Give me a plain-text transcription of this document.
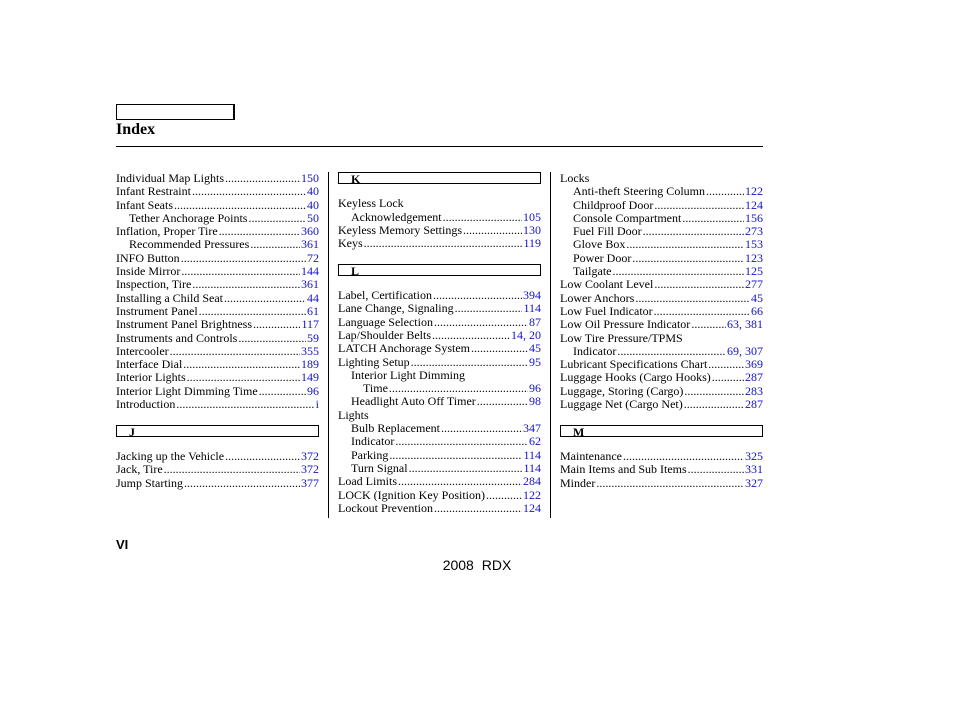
Index
Individual Map Lights .....	150
Infant Restraint .....	40
Infant Seats .....	40
Tether Anchorage Points .....	50
Inflation, Proper Tire .....	360
Recommended Pressures .....	361
INFO Button .....	72
Inside Mirror .....	144
Inspection, Tire .....	361
Installing a Child Seat .....	44
Instrument Panel .....	61
Instrument Panel Brightness .....	117
Instruments and Controls .....	59
Intercooler .....	355
Interface Dial .....	189
Interior Lights .....	149
Interior Light Dimming Time .....	96
Introduction .....	i
J
Jacking up the Vehicle .....	372
Jack, Tire .....	372
Jump Starting .....	377
K
Keyless Lock
Acknowledgement .....	105
Keyless Memory Settings .....	130
Keys .....	119
L
Label, Certification .....	394
Lane Change, Signaling .....	114
Language Selection .....	87
Lap/Shoulder Belts .....	14, 20
LATCH Anchorage System .....	45
Lighting Setup .....	95
Interior Light Dimming
Time .....	96
Headlight Auto Off Timer .....	98
Lights
Bulb Replacement .....	347
Indicator .....	62
Parking .....	114
Turn Signal .....	114
Load Limits .....	284
LOCK (Ignition Key Position) .....	122
Lockout Prevention .....	124
Locks
Anti-theft Steering Column .....	122
Childproof Door .....	124
Console Compartment .....	156
Fuel Fill Door .....	273
Glove Box .....	153
Power Door .....	123
Tailgate .....	125
Low Coolant Level .....	277
Lower Anchors .....	45
Low Fuel Indicator .....	66
Low Oil Pressure Indicator .....	63, 381
Low Tire Pressure/TPMS
Indicator .....	69, 307
Lubricant Specifications Chart .....	369
Luggage Hooks (Cargo Hooks) .....	287
Luggage, Storing (Cargo) .....	283
Luggage Net (Cargo Net) .....	287
M
Maintenance .....	325
Main Items and Sub Items .....	331
Minder .....	327
VI
2008 RDX
